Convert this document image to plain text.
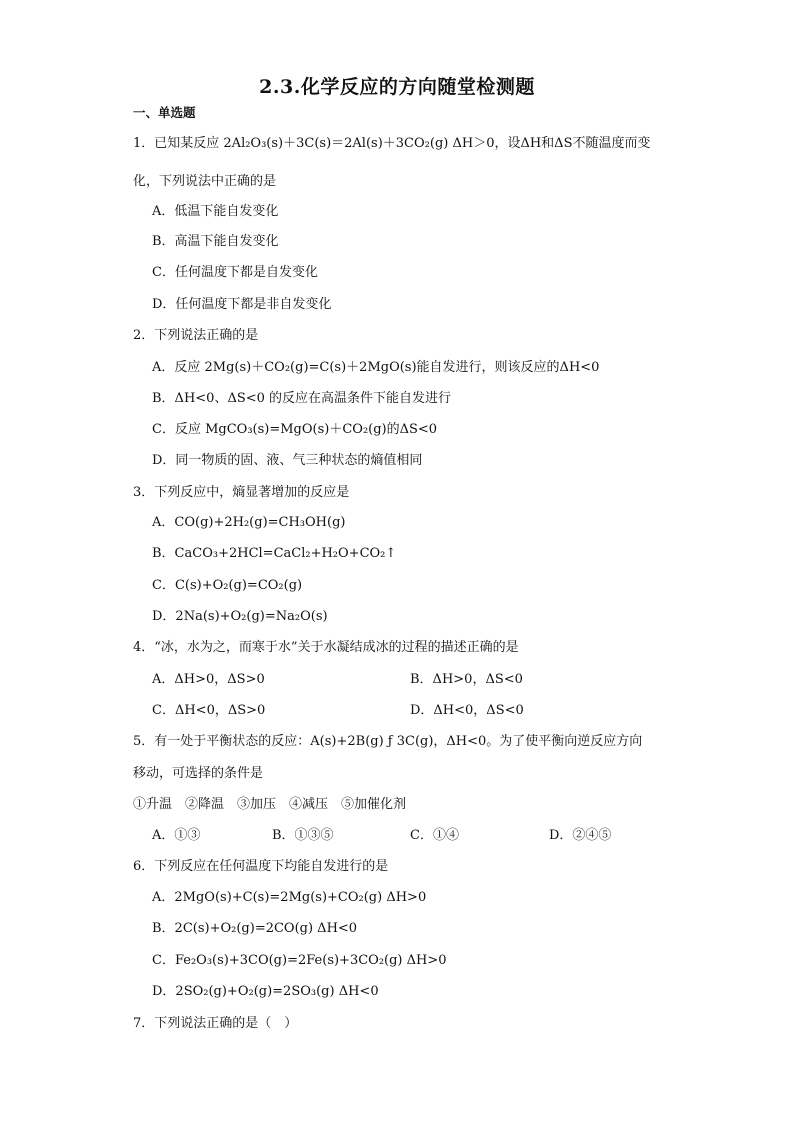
2.3.化学反应的方向随堂检测题
一、单选题
1．已知某反应 2Al₂O₃(s)＋3C(s)＝2Al(s)＋3CO₂(g) ΔH＞0，设ΔH和ΔS不随温度而变
化，下列说法中正确的是
A．低温下能自发变化
B．高温下能自发变化
C．任何温度下都是自发变化
D．任何温度下都是非自发变化
2．下列说法正确的是
A．反应 2Mg(s)＋CO₂(g)=C(s)＋2MgO(s)能自发进行，则该反应的ΔH<0
B．ΔH<0、ΔS<0 的反应在高温条件下能自发进行
C．反应 MgCO₃(s)=MgO(s)＋CO₂(g)的ΔS<0
D．同一物质的固、液、气三种状态的熵值相同
3．下列反应中，熵显著增加的反应是
A．CO(g)+2H₂(g)=CH₃OH(g)
B．CaCO₃+2HCl=CaCl₂+H₂O+CO₂↑
C．C(s)+O₂(g)=CO₂(g)
D．2Na(s)+O₂(g)=Na₂O(s)
4．“冰，水为之，而寒于水”关于水凝结成冰的过程的描述正确的是
A．ΔH>0，ΔS>0	B．ΔH>0，ΔS<0
C．ΔH<0，ΔS>0	D．ΔH<0，ΔS<0
5．有一处于平衡状态的反应：A(s)+2B(g) ƒ 3C(g)，ΔH<0。为了使平衡向逆反应方向
移动，可选择的条件是
①升温　②降温　③加压　④减压　⑤加催化剂
A．①③	B．①③⑤	C．①④	D．②④⑤
6．下列反应在任何温度下均能自发进行的是
A．2MgO(s)+C(s)=2Mg(s)+CO₂(g) ΔH>0
B．2C(s)+O₂(g)=2CO(g) ΔH<0
C．Fe₂O₃(s)+3CO(g)=2Fe(s)+3CO₂(g) ΔH>0
D．2SO₂(g)+O₂(g)=2SO₃(g) ΔH<0
7．下列说法正确的是（　）
